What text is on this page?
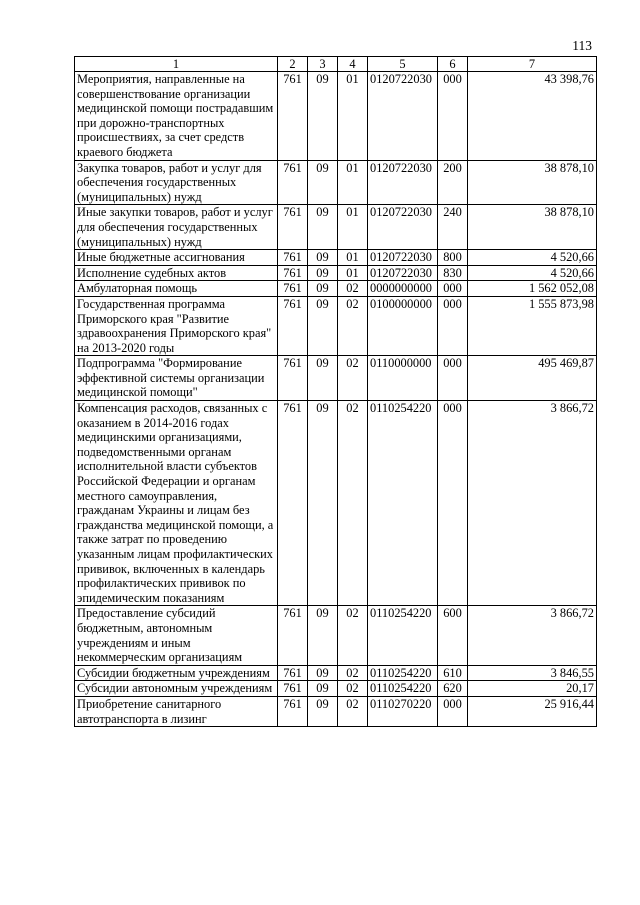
113
1	2	3	4	5	6	7
Мероприятия, направленные на совершенствование организации медицинской помощи пострадавшим при дорожно-транспортных происшествиях, за счет средств краевого бюджета	761	09	01	0120722030	000	43 398,76
Закупка товаров, работ и услуг для обеспечения государственных (муниципальных) нужд	761	09	01	0120722030	200	38 878,10
Иные закупки товаров, работ и услуг для обеспечения государственных (муниципальных) нужд	761	09	01	0120722030	240	38 878,10
Иные бюджетные ассигнования	761	09	01	0120722030	800	4 520,66
Исполнение судебных актов	761	09	01	0120722030	830	4 520,66
Амбулаторная помощь	761	09	02	0000000000	000	1 562 052,08
Государственная программа Приморского края "Развитие здравоохранения Приморского края" на 2013-2020 годы	761	09	02	0100000000	000	1 555 873,98
Подпрограмма "Формирование эффективной системы организации медицинской помощи"	761	09	02	0110000000	000	495 469,87
Компенсация расходов, связанных с оказанием в 2014-2016 годах медицинскими организациями, подведомственными органам исполнительной власти субъектов Российской Федерации и органам местного самоуправления, гражданам Украины и лицам без гражданства медицинской помощи, а также затрат по проведению указанным лицам профилактических прививок, включенных в календарь профилактических прививок по эпидемическим показаниям	761	09	02	0110254220	000	3 866,72
Предоставление субсидий бюджетным, автономным учреждениям и иным некоммерческим организациям	761	09	02	0110254220	600	3 866,72
Субсидии бюджетным учреждениям	761	09	02	0110254220	610	3 846,55
Субсидии автономным учреждениям	761	09	02	0110254220	620	20,17
Приобретение санитарного автотранспорта в лизинг	761	09	02	0110270220	000	25 916,44
